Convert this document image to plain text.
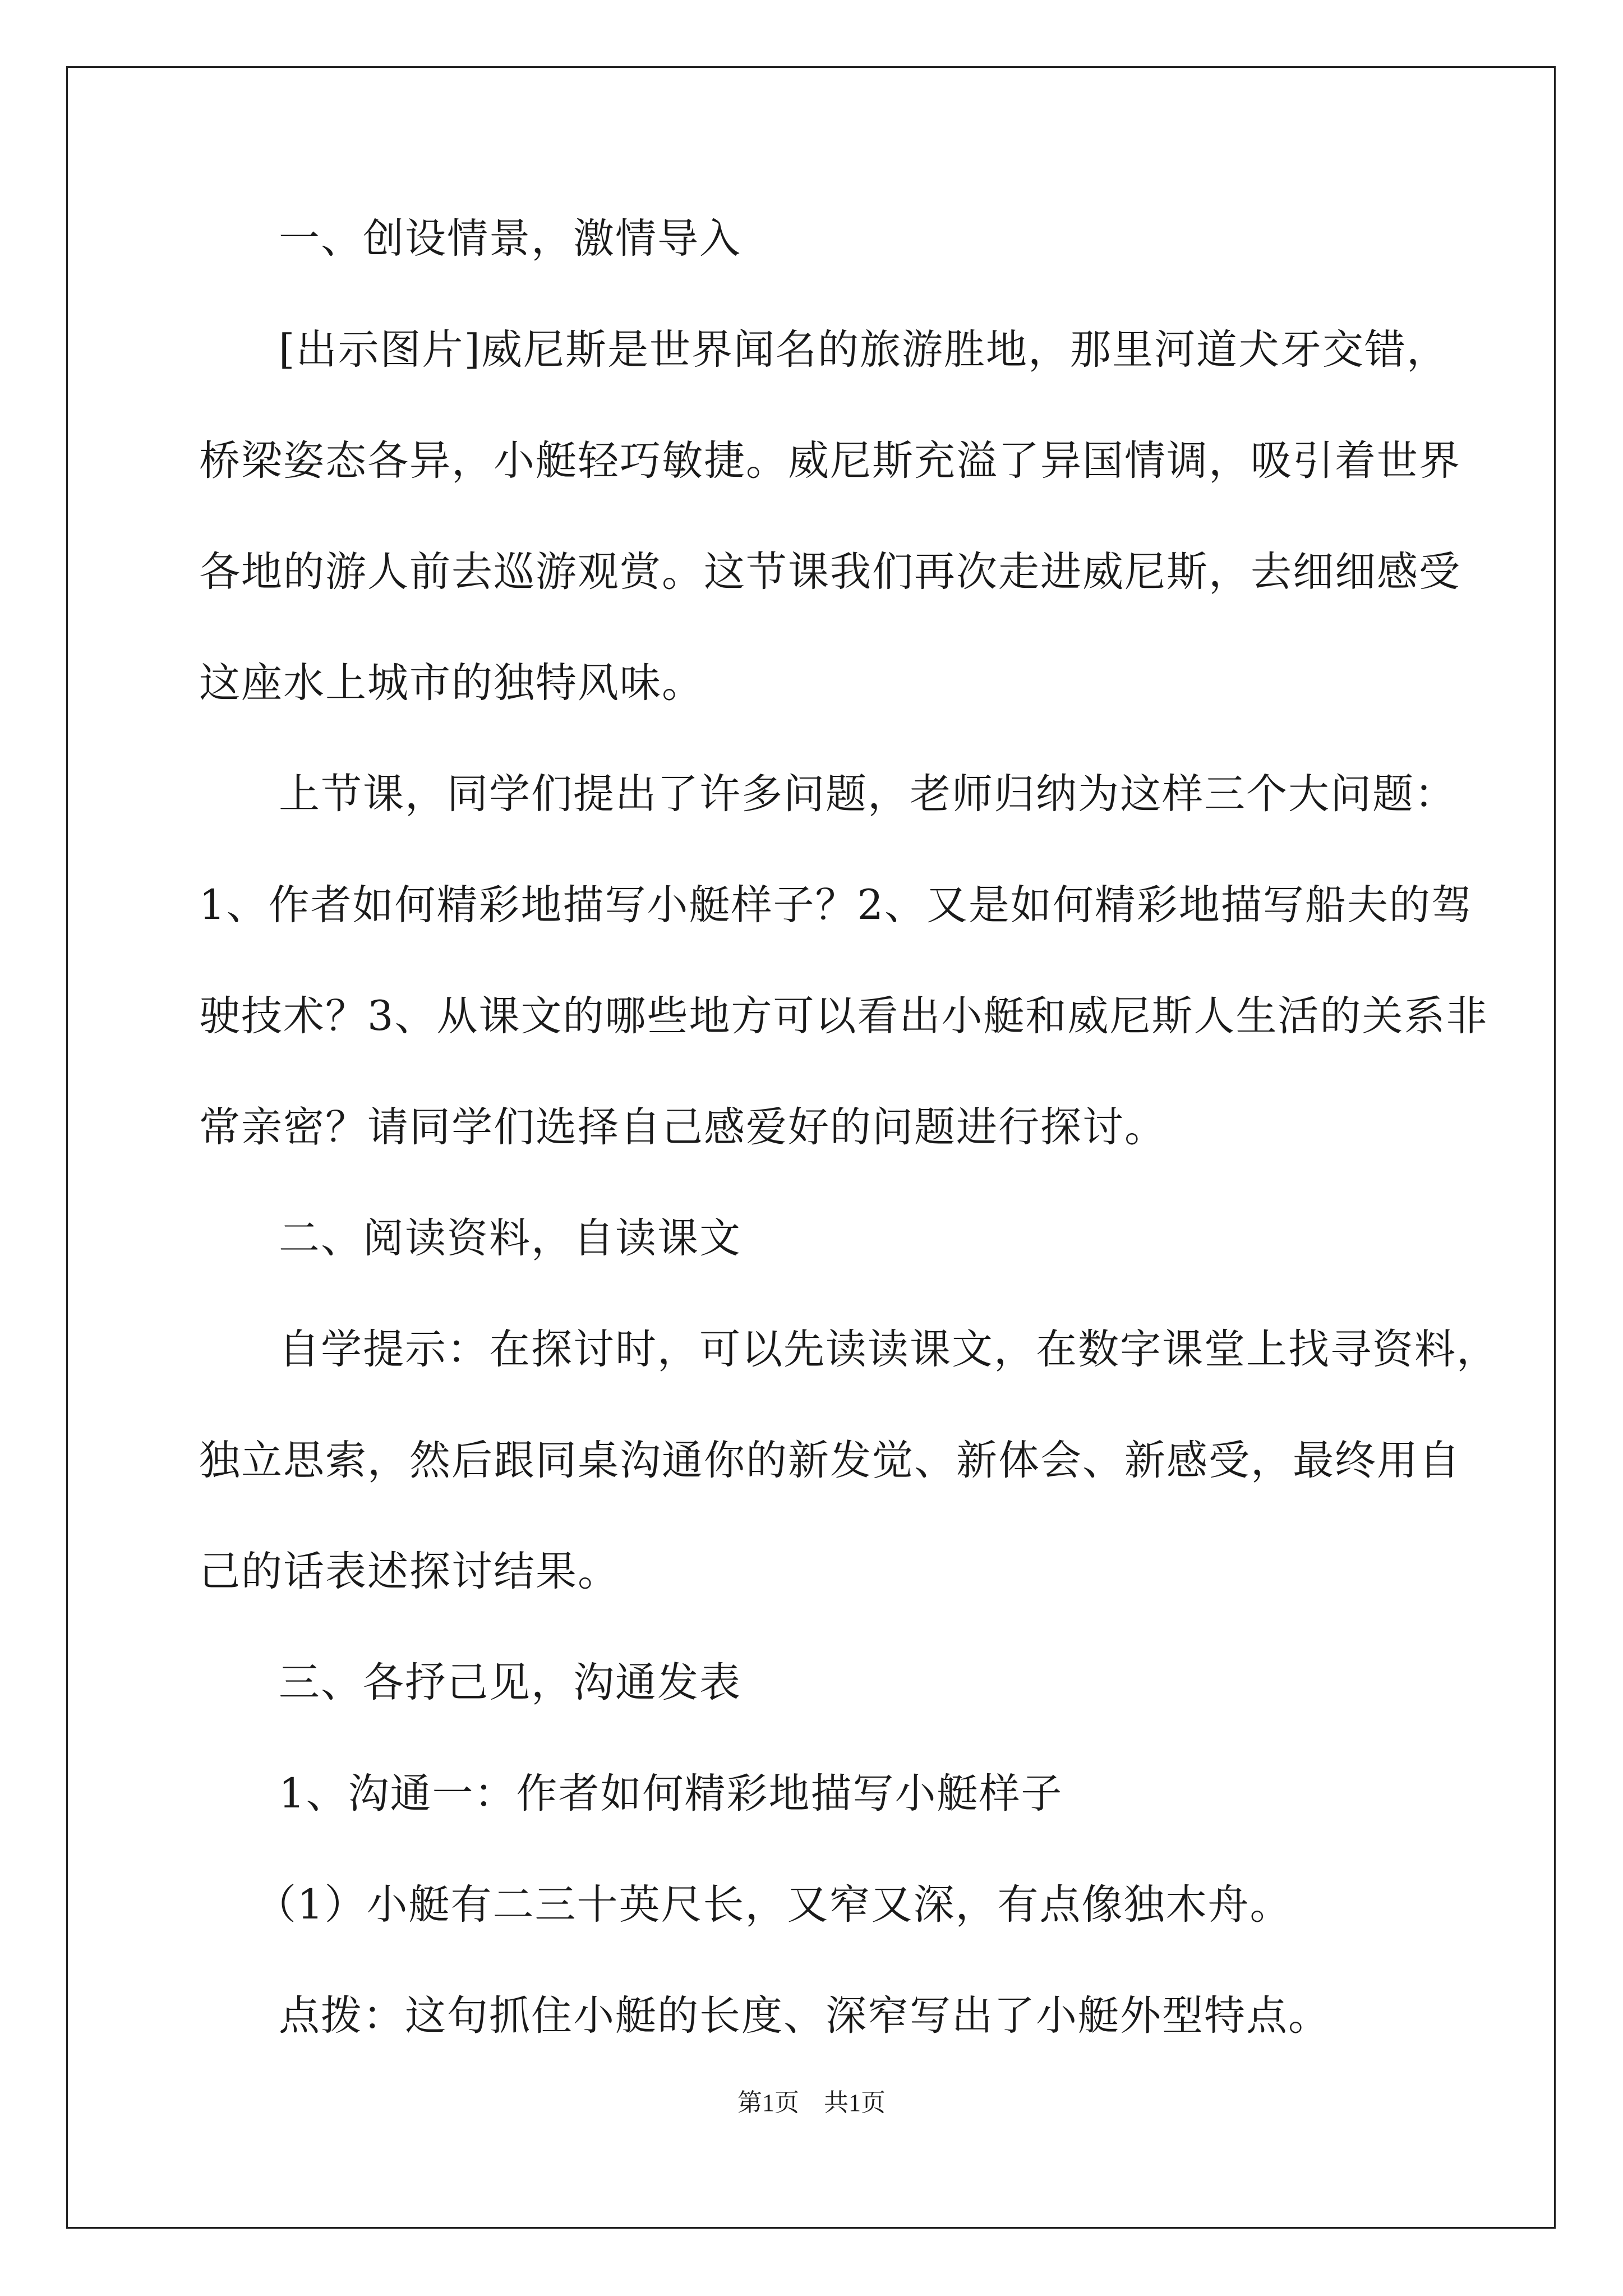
一、创设情景，激情导入
[出示图片]威尼斯是世界闻名的旅游胜地，那里河道犬牙交错，
桥梁姿态各异，小艇轻巧敏捷。威尼斯充溢了异国情调，吸引着世界
各地的游人前去巡游观赏。这节课我们再次走进威尼斯，去细细感受
这座水上城市的独特风味。
上节课，同学们提出了许多问题，老师归纳为这样三个大问题：
1、作者如何精彩地描写小艇样子？2、又是如何精彩地描写船夫的驾
驶技术？3、从课文的哪些地方可以看出小艇和威尼斯人生活的关系非
常亲密？请同学们选择自己感爱好的问题进行探讨。
二、阅读资料，自读课文
自学提示：在探讨时，可以先读读课文，在数字课堂上找寻资料，
独立思索，然后跟同桌沟通你的新发觉、新体会、新感受，最终用自
己的话表述探讨结果。
三、各抒己见，沟通发表
1、沟通一：作者如何精彩地描写小艇样子
（1）小艇有二三十英尺长，又窄又深，有点像独木舟。
点拨：这句抓住小艇的长度、深窄写出了小艇外型特点。
第1页　共1页
